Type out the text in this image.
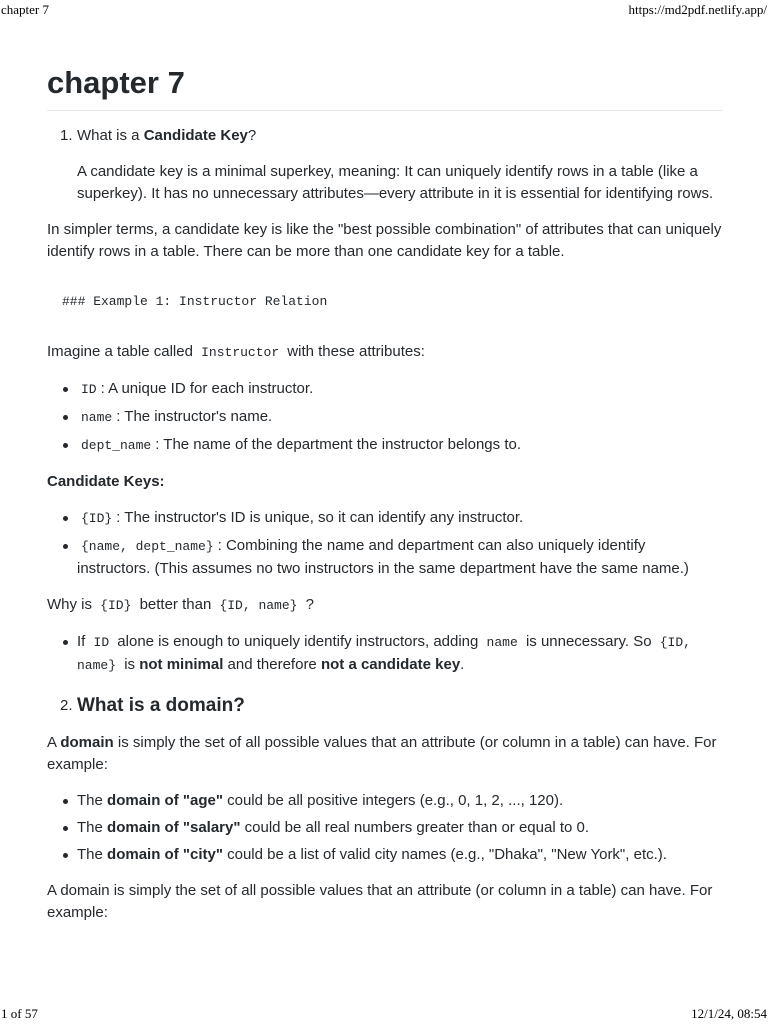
chapter 7	https://md2pdf.netlify.app/
chapter 7
1. What is a Candidate Key?

A candidate key is a minimal superkey, meaning: It can uniquely identify rows in a table (like a superkey). It has no unnecessary attributes—every attribute in it is essential for identifying rows.

In simpler terms, a candidate key is like the "best possible combination" of attributes that can uniquely identify rows in a table. There can be more than one candidate key for a table.

### Example 1: Instructor Relation

Imagine a table called Instructor with these attributes:

ID : A unique ID for each instructor.
name : The instructor's name.
dept_name : The name of the department the instructor belongs to.

Candidate Keys:

{ID} : The instructor's ID is unique, so it can identify any instructor.
{name, dept_name} : Combining the name and department can also uniquely identify instructors. (This assumes no two instructors in the same department have the same name.)

Why is {ID} better than {ID, name} ?

If ID alone is enough to uniquely identify instructors, adding name is unnecessary. So {ID, name} is not minimal and therefore not a candidate key.
2. What is a domain?

A domain is simply the set of all possible values that an attribute (or column in a table) can have. For example:

The domain of "age" could be all positive integers (e.g., 0, 1, 2, ..., 120).
The domain of "salary" could be all real numbers greater than or equal to 0.
The domain of "city" could be a list of valid city names (e.g., "Dhaka", "New York", etc.).

A domain is simply the set of all possible values that an attribute (or column in a table) can have. For example:

1 of 57	12/1/24, 08:54
